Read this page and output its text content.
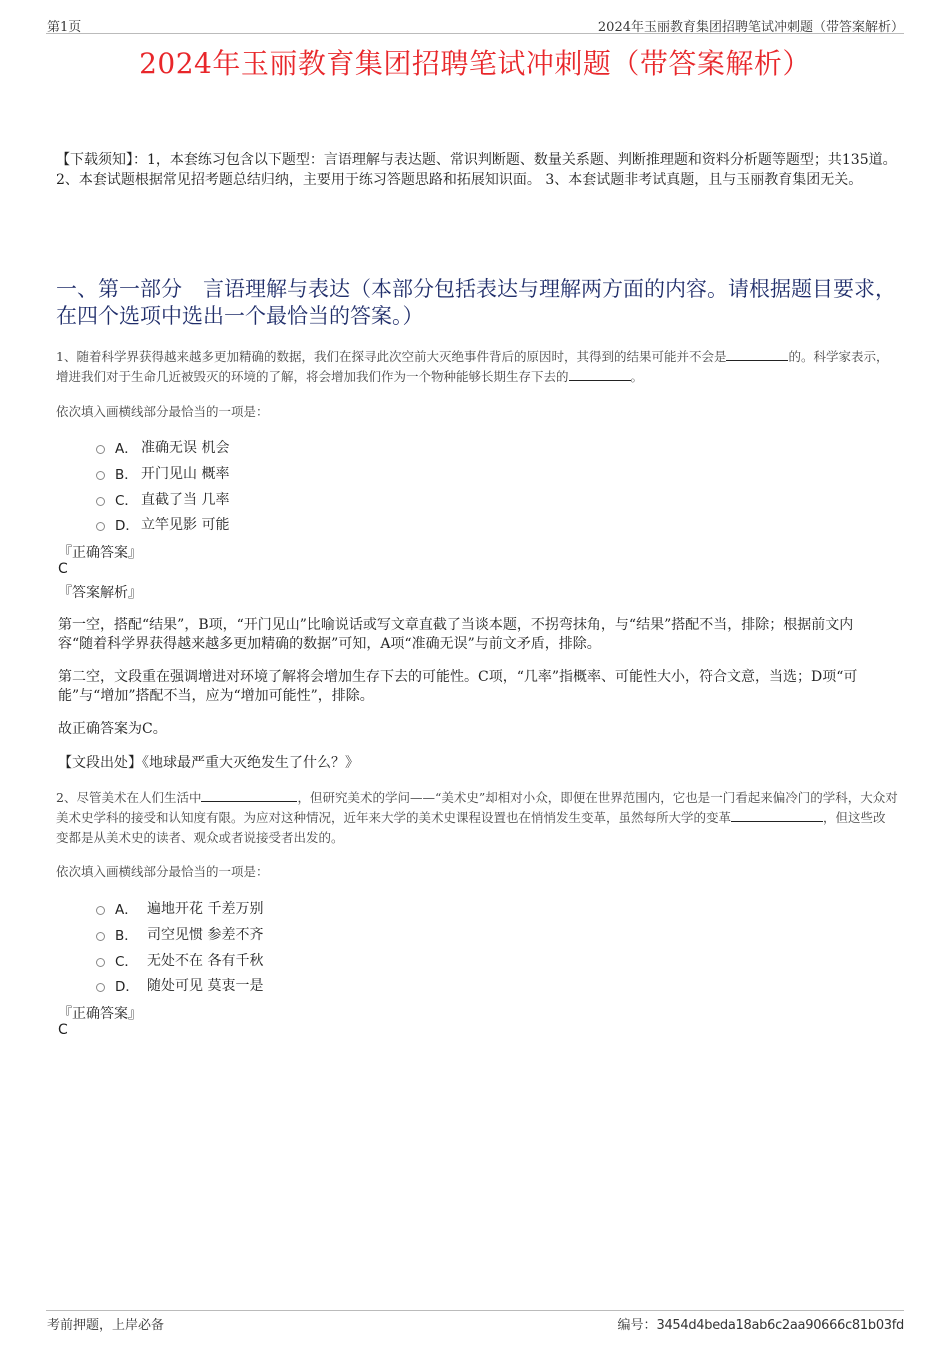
第1页	2024年玉丽教育集团招聘笔试冲刺题（带答案解析）
2024年玉丽教育集团招聘笔试冲刺题（带答案解析）
【下载须知】：1，本套练习包含以下题型：言语理解与表达题、常识判断题、数量关系题、判断推理题和资料分析题等题型；共135道。 2、本套试题根据常见招考题总结归纳，主要用于练习答题思路和拓展知识面。 3、本套试题非考试真题，且与玉丽教育集团无关。
一、第一部分　言语理解与表达（本部分包括表达与理解两方面的内容。请根据题目要求，在四个选项中选出一个最恰当的答案。）
1、随着科学界获得越来越多更加精确的数据，我们在探寻此次空前大灭绝事件背后的原因时，其得到的结果可能并不会是	的。科学家表示，增进我们对于生命几近被毁灭的环境的了解，将会增加我们作为一个物种能够长期生存下去的	。
依次填入画横线部分最恰当的一项是：
A． 准确无误 机会
B． 开门见山 概率
C． 直截了当 几率
D． 立竿见影 可能
『正确答案』
C
『答案解析』
第一空，搭配“结果”，B项，“开门见山”比喻说话或写文章直截了当谈本题，不拐弯抹角，与“结果”搭配不当，排除；根据前文内容“随着科学界获得越来越多更加精确的数据”可知，A项“准确无误”与前文矛盾，排除。
第二空，文段重在强调增进对环境了解将会增加生存下去的可能性。C项，“几率”指概率、可能性大小，符合文意，当选；D项“可能”与“增加”搭配不当，应为“增加可能性”，排除。
故正确答案为C。
【文段出处】《地球最严重大灭绝发生了什么？》
2、尽管美术在人们生活中	，但研究美术的学问——“美术史”却相对小众，即便在世界范围内，它也是一门看起来偏冷门的学科，大众对美术史学科的接受和认知度有限。为应对这种情况，近年来大学的美术史课程设置也在悄悄发生变革，虽然每所大学的变革	，但这些改变都是从美术史的读者、观众或者说接受者出发的。
依次填入画横线部分最恰当的一项是：
A． 遍地开花 千差万别
B． 司空见惯 参差不齐
C． 无处不在 各有千秋
D． 随处可见 莫衷一是
『正确答案』
C
考前押题，上岸必备	编号：3454d4beda18ab6c2aa90666c81b03fd
